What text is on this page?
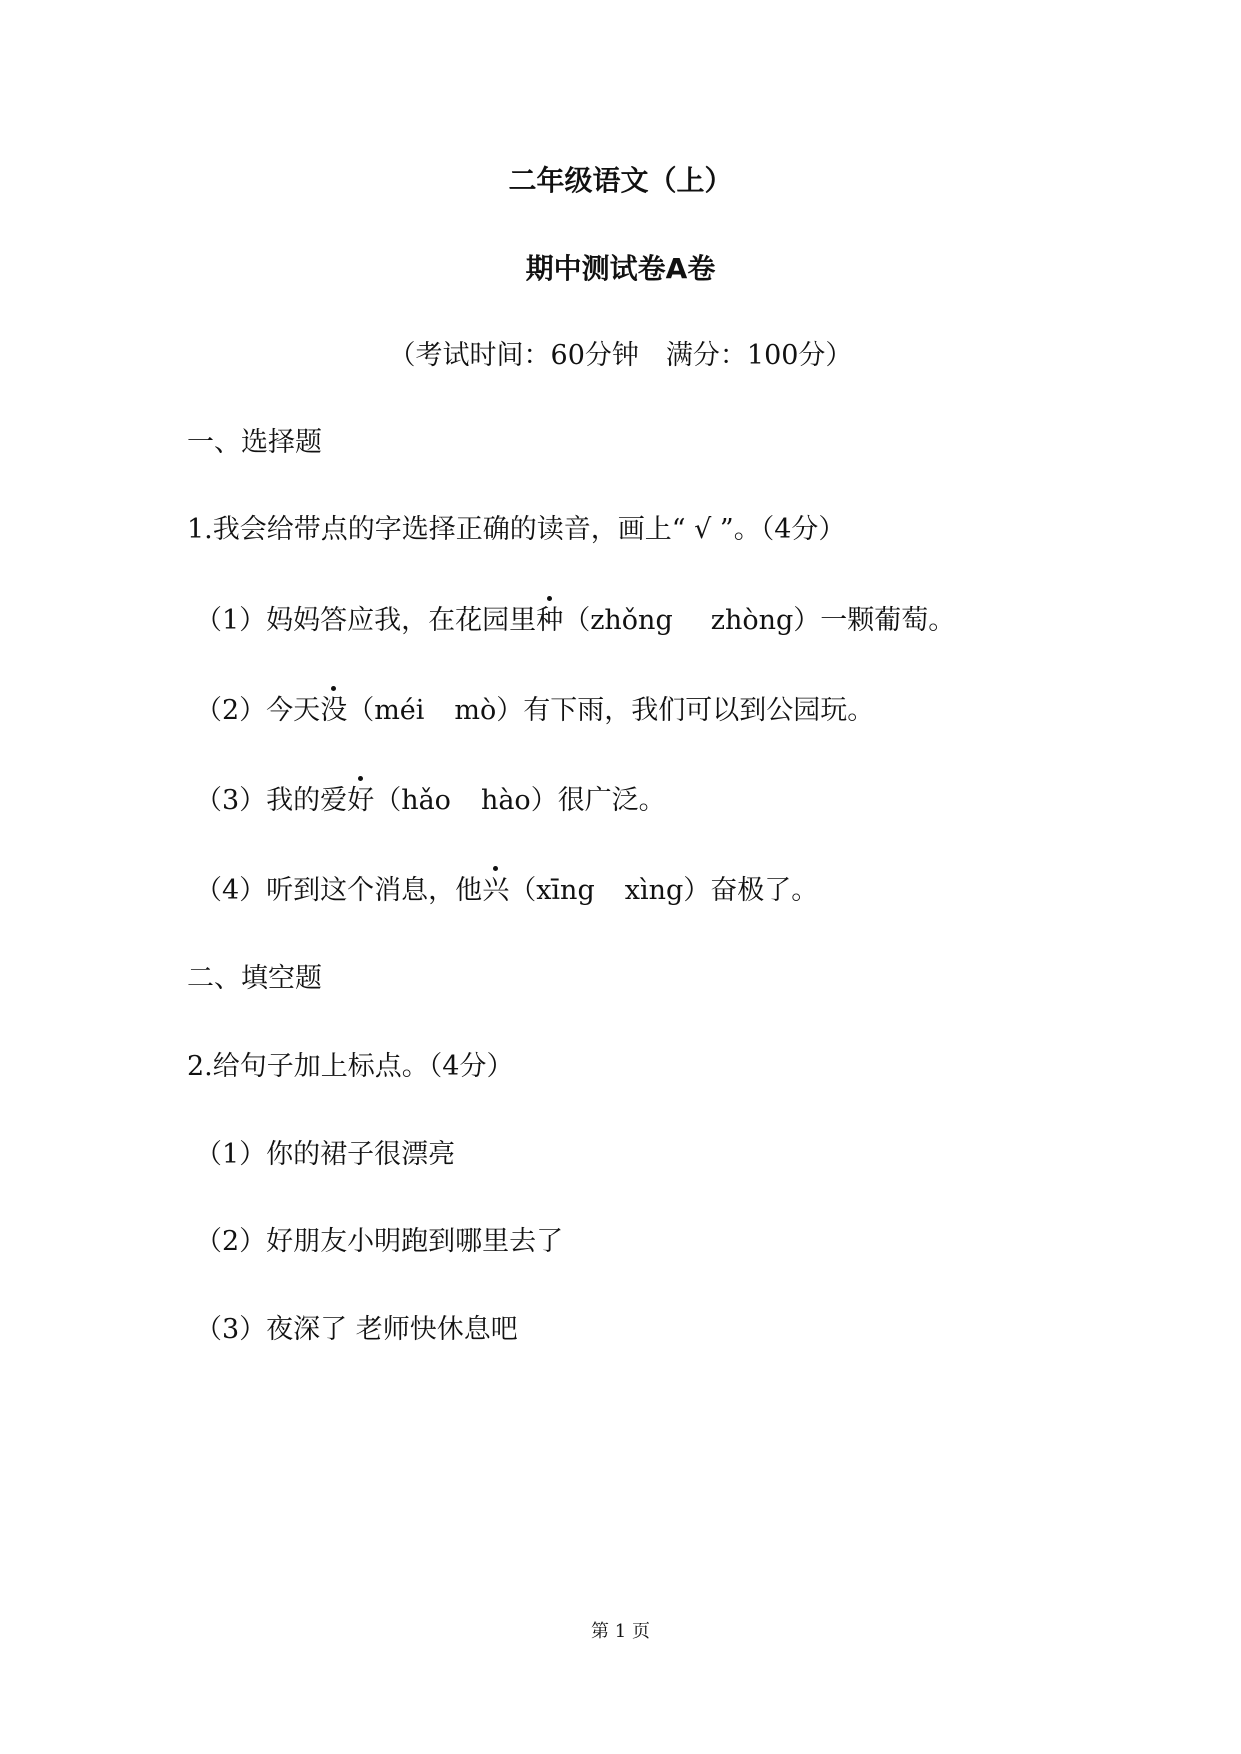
二年级语文（上）
期中测试卷A卷
（考试时间：60分钟　满分：100分）
一、选择题
1.我会给带点的字选择正确的读音，画上“ √ ”。（4分）
（1）妈妈答应我，在花园里种（zhǒng zhòng）一颗葡萄。
（2）今天没（méi mò）有下雨，我们可以到公园玩。
（3）我的爱好（hǎo hào）很广泛。
（4）听到这个消息，他兴（xīng xìng）奋极了。
二、填空题
2.给句子加上标点。（4分）
（1）你的裙子很漂亮
（2）好朋友小明跑到哪里去了
（3）夜深了 老师快休息吧
第 1 页
